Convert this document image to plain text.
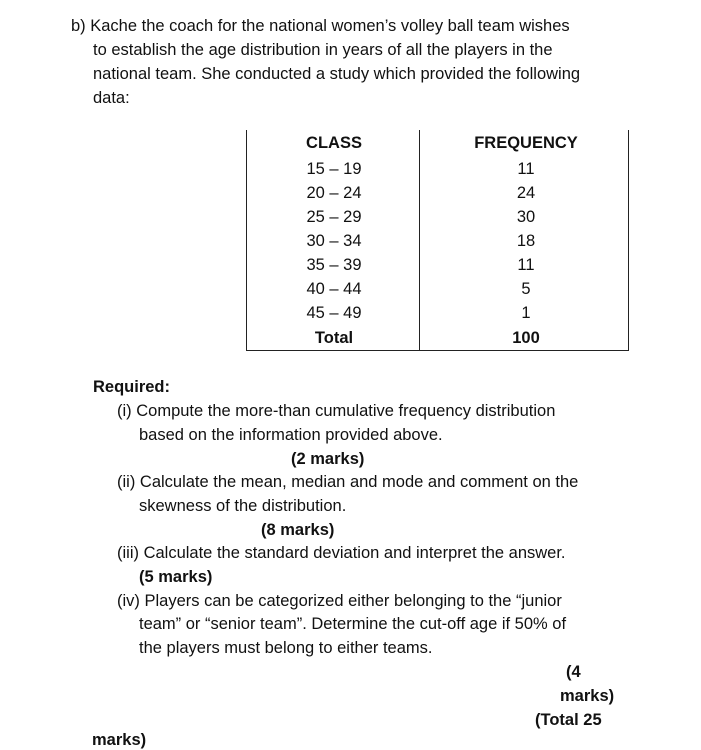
b) Kache the coach for the national women’s volley ball team wishes
to establish the age distribution in years of all the players in the
national team. She conducted a study which provided the following
data:
CLASS	FREQUENCY
15 – 19	11
20 – 24	24
25 – 29	30
30 – 34	18
35 – 39	11
40 – 44	5
45 – 49	1
Total	100
Required:
(i) Compute the more-than cumulative frequency distribution
based on the information provided above.
(2 marks)
(ii) Calculate the mean, median and mode and comment on the
skewness of the distribution.
(8 marks)
(iii) Calculate the standard deviation and interpret the answer.
(5 marks)
(iv) Players can be categorized either belonging to the “junior
team” or “senior team”. Determine the cut-off age if 50% of
the players must belong to either teams.
(4
marks)
(Total 25
marks)
